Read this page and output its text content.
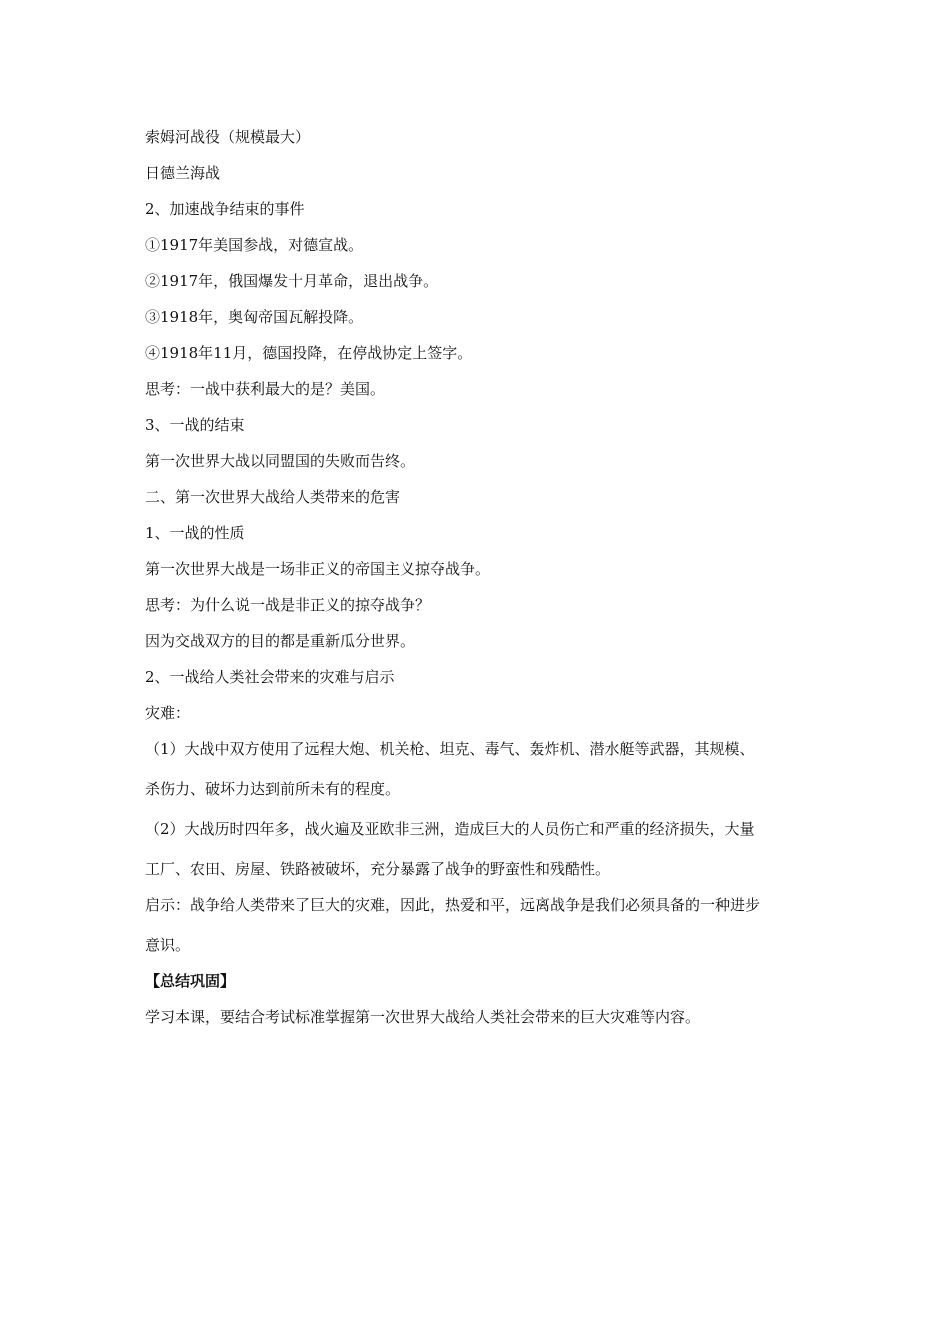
索姆河战役（规模最大）
日德兰海战
2、加速战争结束的事件
①1917年美国参战，对德宣战。
②1917年，俄国爆发十月革命，退出战争。
③1918年，奥匈帝国瓦解投降。
④1918年11月，德国投降，在停战协定上签字。
思考：一战中获利最大的是？美国。
3、一战的结束
第一次世界大战以同盟国的失败而告终。
二、第一次世界大战给人类带来的危害
1、一战的性质
第一次世界大战是一场非正义的帝国主义掠夺战争。
思考：为什么说一战是非正义的掠夺战争？
因为交战双方的目的都是重新瓜分世界。
2、一战给人类社会带来的灾难与启示
灾难：
（1）大战中双方使用了远程大炮、机关枪、坦克、毒气、轰炸机、潜水艇等武器，其规模、
杀伤力、破坏力达到前所未有的程度。
（2）大战历时四年多，战火遍及亚欧非三洲，造成巨大的人员伤亡和严重的经济损失，大量
工厂、农田、房屋、铁路被破坏，充分暴露了战争的野蛮性和残酷性。
启示：战争给人类带来了巨大的灾难，因此，热爱和平，远离战争是我们必须具备的一种进步
意识。
【总结巩固】
学习本课，要结合考试标准掌握第一次世界大战给人类社会带来的巨大灾难等内容。
